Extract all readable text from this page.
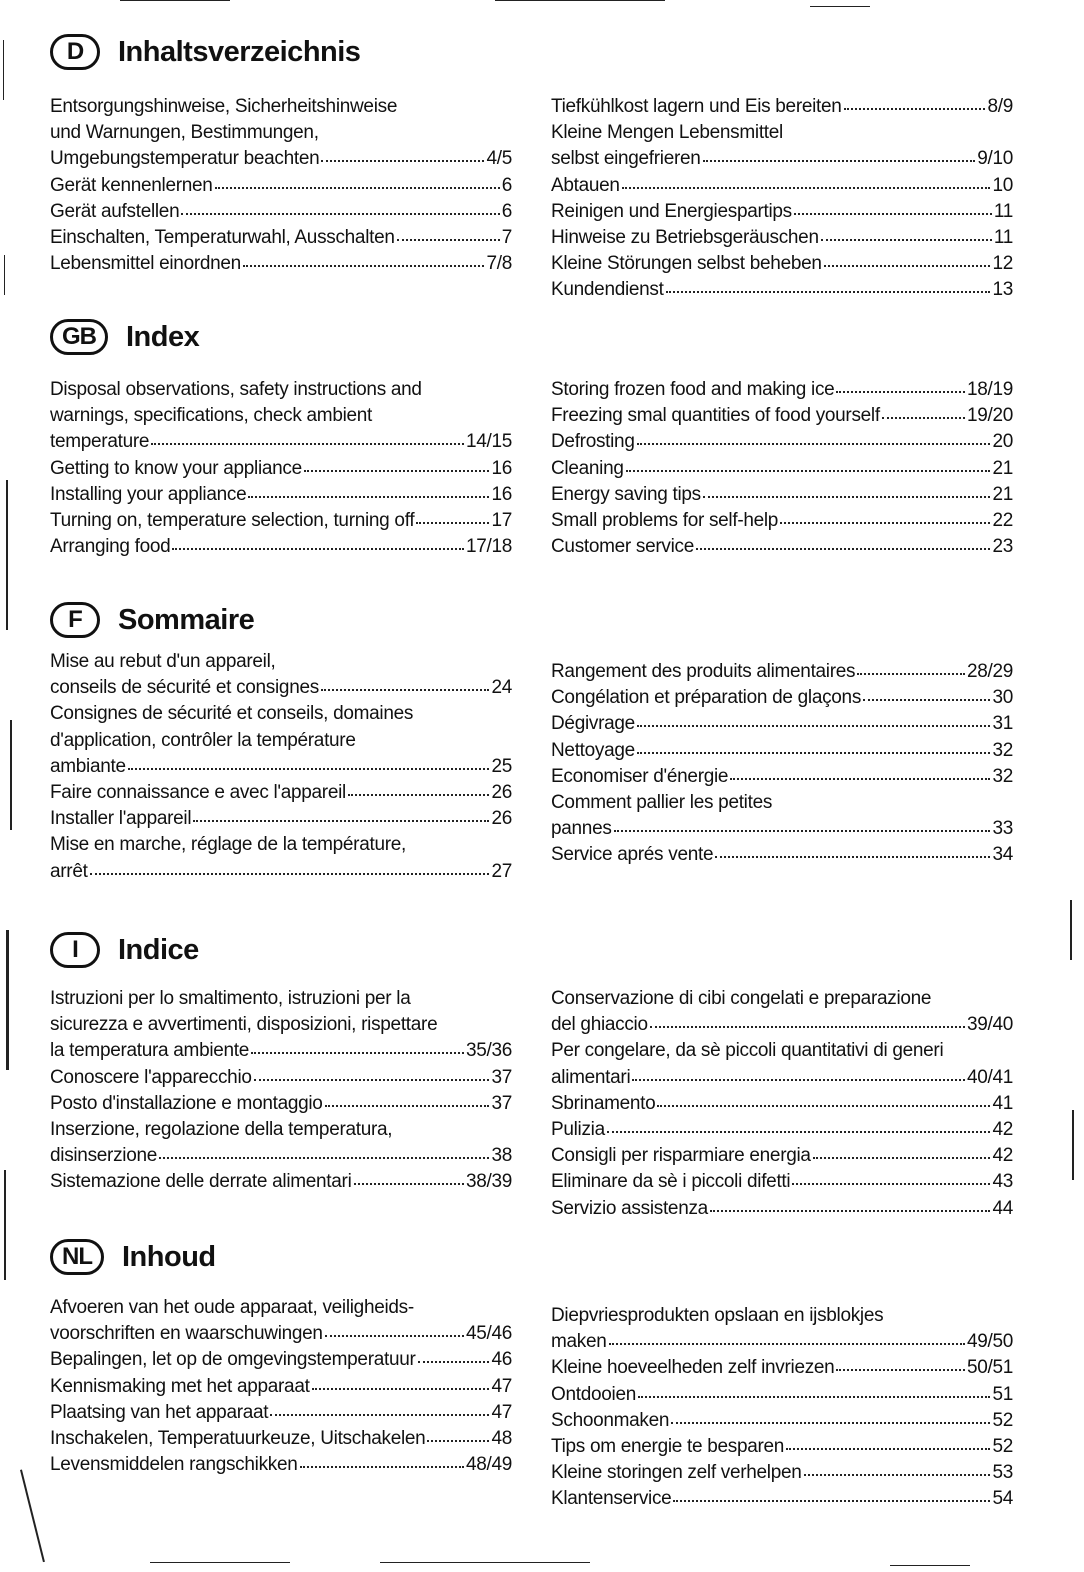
D	Inhaltsverzeichnis
Entsorgungshinweise, Sicherheitshinweise
und Warnungen, Bestimmungen,
Umgebungstemperatur beachten	4/5
Gerät kennenlernen	6
Gerät aufstellen	6
Einschalten, Temperaturwahl, Ausschalten	7
Lebensmittel einordnen	7/8
Tiefkühlkost lagern und Eis bereiten	8/9
Kleine Mengen Lebensmittel
selbst eingefrieren	9/10
Abtauen	10
Reinigen und Energiespartips	11
Hinweise zu Betriebsgeräuschen	11
Kleine Störungen selbst beheben	12
Kundendienst	13
GB	Index
Disposal observations, safety instructions and
warnings, specifications, check ambient
temperature	14/15
Getting to know your appliance	16
Installing your appliance	16
Turning on, temperature selection, turning off	17
Arranging food	17/18
Storing frozen food and making ice	18/19
Freezing smal quantities of food yourself	19/20
Defrosting	20
Cleaning	21
Energy saving tips	21
Small problems for self-help	22
Customer service	23
F	Sommaire
Mise au rebut d'un appareil,
conseils de sécurité et consignes	24
Consignes de sécurité et conseils, domaines
d'application, contrôler la température
ambiante	25
Faire connaissance e avec l'appareil	26
Installer l'appareil	26
Mise en marche, réglage de la température,
arrêt	27
Rangement des produits alimentaires	28/29
Congélation et préparation de glaçons	30
Dégivrage	31
Nettoyage	32
Economiser d'énergie	32
Comment pallier les petites
pannes	33
Service aprés vente	34
I	Indice
Istruzioni per lo smaltimento, istruzioni per la
sicurezza e avvertimenti, disposizioni, rispettare
la temperatura ambiente	35/36
Conoscere l'apparecchio	37
Posto d'installazione e montaggio	37
Inserzione, regolazione della temperatura,
disinserzione	38
Sistemazione delle derrate alimentari	38/39
Conservazione di cibi congelati e preparazione
del ghiaccio	39/40
Per congelare, da sè piccoli quantitativi di generi
alimentari	40/41
Sbrinamento	41
Pulizia	42
Consigli per risparmiare energia	42
Eliminare da sè i piccoli difetti	43
Servizio assistenza	44
NL	Inhoud
Afvoeren van het oude apparaat, veiligheids-
voorschriften en waarschuwingen	45/46
Bepalingen, let op de omgevingstemperatuur	46
Kennismaking met het apparaat	47
Plaatsing van het apparaat	47
Inschakelen, Temperatuurkeuze, Uitschakelen	48
Levensmiddelen rangschikken	48/49
Diepvriesprodukten opslaan en ijsblokjes
maken	49/50
Kleine hoeveelheden zelf invriezen	50/51
Ontdooien	51
Schoonmaken	52
Tips om energie te besparen	52
Kleine storingen zelf verhelpen	53
Klantenservice	54
